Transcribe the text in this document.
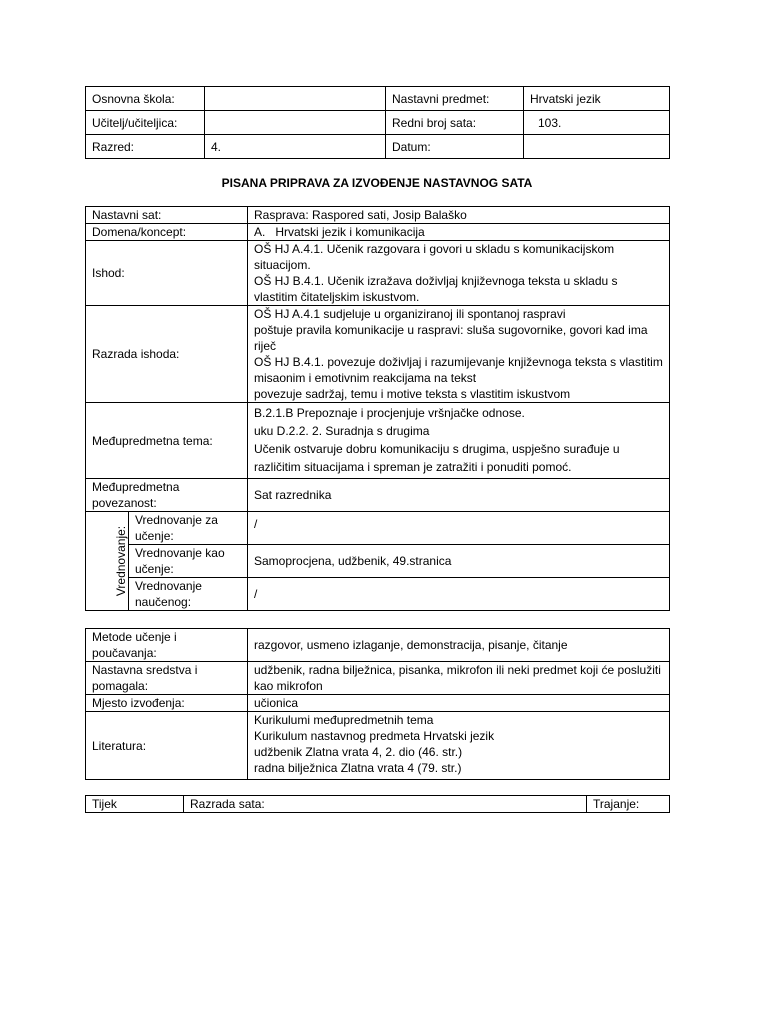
Osnovna škola:		Nastavni predmet:	Hrvatski jezik
Učitelj/učiteljica:		Redni broj sata:	103.
Razred:	4.	Datum:	
PISANA PRIPRAVA ZA IZVOĐENJE NASTAVNOG SATA
Nastavni sat:		Rasprava: Raspored sati, Josip Balaško
Domena/koncept:		A. Hrvatski jezik i komunikacija

Ishod:		OŠ HJ A.4.1. Učenik razgovara i govori u skladu s komunikacijskom situacijom.
OŠ HJ B.4.1. Učenik izražava doživljaj književnoga teksta u skladu s vlastitim čitateljskim iskustvom.

Razrada ishoda:		OŠ HJ A.4.1 sudjeluje u organiziranoj ili spontanoj raspravi
poštuje pravila komunikacije u raspravi: sluša sugovornike, govori kad ima riječ
OŠ HJ B.4.1. povezuje doživljaj i razumijevanje književnoga teksta s vlastitim misaonim i emotivnim reakcijama na tekst
povezuje sadržaj, temu i motive teksta s vlastitim iskustvom

Međupredmetna tema:		B.2.1.B Prepoznaje i procjenjuje vršnjačke odnose.
uku D.2.2. 2. Suradnja s drugima
Učenik ostvaruje dobru komunikaciju s drugima, uspješno surađuje u različitim situacijama i spreman je zatražiti i ponuditi pomoć.

Međupredmetna povezanost:		Sat razrednika
Vrednovanje:	Vrednovanje za učenje:	/
	Vrednovanje kao učenje:	Samoprocjena, udžbenik, 49.stranica
	Vrednovanje naučenog:	/
Metode učenje i poučavanja:	razgovor, usmeno izlaganje, demonstracija, pisanje, čitanje
Nastavna sredstva i pomagala:	udžbenik, radna bilježnica, pisanka, mikrofon ili neki predmet koji će poslužiti kao mikrofon
Mjesto izvođenja:	učionica
Literatura:	Kurikulumi međupredmetnih tema
Kurikulum nastavnog predmeta Hrvatski jezik
udžbenik Zlatna vrata 4, 2. dio (46. str.)
radna bilježnica Zlatna vrata 4 (79. str.)
Tijek	Razrada sata:	Trajanje:
